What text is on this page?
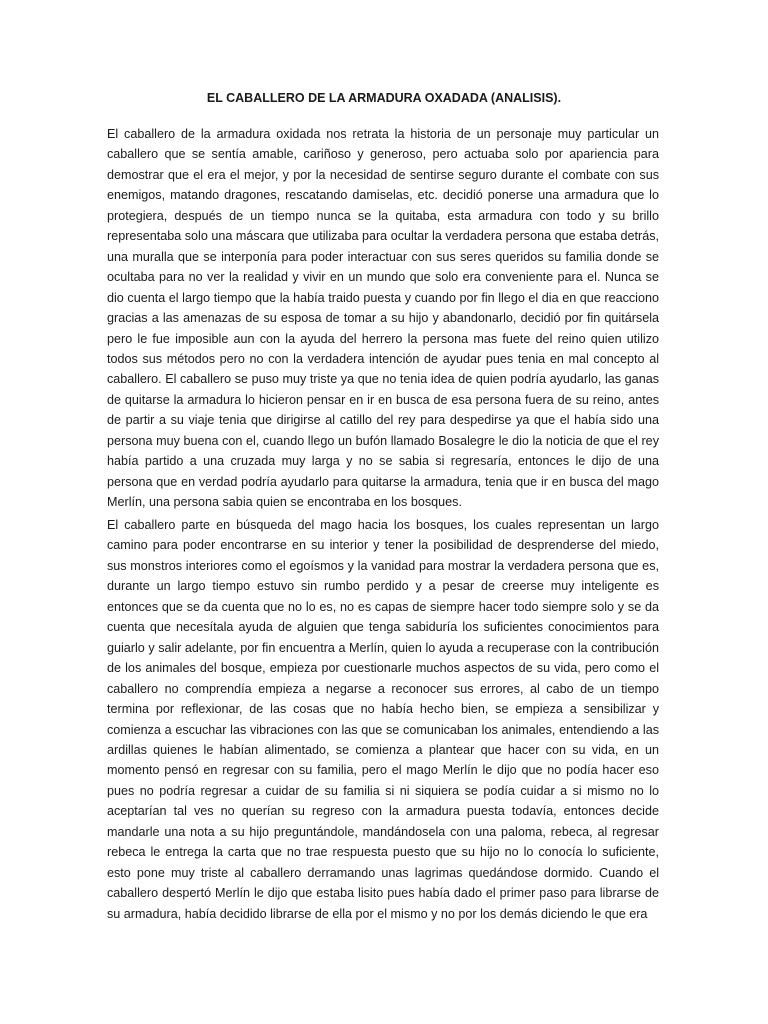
EL CABALLERO DE LA ARMADURA OXADADA (ANALISIS).

El caballero de la armadura oxidada nos retrata la historia de un personaje muy particular un caballero que se sentía amable, cariñoso y generoso, pero actuaba solo por apariencia para demostrar que el era el mejor, y por la necesidad de sentirse seguro durante el combate con sus enemigos, matando dragones, rescatando damiselas, etc. decidió ponerse una armadura que lo protegiera, después de un tiempo nunca se la quitaba, esta armadura con todo y su brillo representaba solo una máscara que utilizaba para ocultar la verdadera persona que estaba detrás, una muralla que se interponía para poder interactuar con sus seres queridos su familia donde se ocultaba para no ver la realidad y vivir en un mundo que solo era conveniente para el. Nunca se dio cuenta el largo tiempo que la había traido puesta y cuando por fin llego el dia en que reacciono gracias a las amenazas de su esposa de tomar a su hijo y abandonarlo, decidió por fin quitársela pero le fue imposible aun con la ayuda del herrero la persona mas fuete del reino quien utilizo todos sus métodos pero no con la verdadera intención de ayudar pues tenia en mal concepto al caballero. El caballero se puso muy triste ya que no tenia idea de quien podría ayudarlo, las ganas de quitarse la armadura lo hicieron pensar en ir en busca de esa persona fuera de su reino, antes de partir a su viaje tenia que dirigirse al catillo del rey para despedirse ya que el había sido una persona muy buena con el, cuando llego un bufón llamado Bosalegre le dio la noticia de que el rey había partido a una cruzada muy larga y no se sabia si regresaría, entonces le dijo de una persona que en verdad podría ayudarlo para quitarse la armadura, tenia que ir en busca del mago Merlín, una persona sabia quien se encontraba en los bosques.

El caballero parte en búsqueda del mago hacia los bosques, los cuales representan un largo camino para poder encontrarse en su interior y tener la posibilidad de desprenderse del miedo, sus monstros interiores como el egoísmos y la vanidad para mostrar la verdadera persona que es, durante un largo tiempo estuvo sin rumbo perdido y a pesar de creerse muy inteligente es entonces que se da cuenta que no lo es, no es capas de siempre hacer todo siempre solo y se da cuenta que necesítala ayuda de alguien que tenga sabiduría los suficientes conocimientos para guiarlo y salir adelante, por fin encuentra a Merlín, quien lo ayuda a recuperase con la contribución de los animales del bosque, empieza por cuestionarle muchos aspectos de su vida, pero como el caballero no comprendía empieza a negarse a reconocer sus errores, al cabo de un tiempo termina por reflexionar, de las cosas que no había hecho bien, se empieza a sensibilizar y comienza a escuchar las vibraciones con las que se comunicaban los animales, entendiendo a las ardillas quienes le habían alimentado, se comienza a plantear que hacer con su vida, en un momento pensó en regresar con su familia, pero el mago Merlín le dijo que no podía hacer eso pues no podría regresar a cuidar de su familia si ni siquiera se podía cuidar a si mismo no lo aceptarían tal ves no querían su regreso con la armadura puesta todavía, entonces decide mandarle una nota a su hijo preguntándole, mandándosela con una paloma, rebeca, al regresar rebeca le entrega la carta que no trae respuesta puesto que su hijo no lo conocía lo suficiente, esto pone muy triste al caballero derramando unas lagrimas quedándose dormido. Cuando el caballero despertó Merlín le dijo que estaba lisito pues había dado el primer paso para librarse de su armadura, había decidido librarse de ella por el mismo y no por los demás diciendo le que era
